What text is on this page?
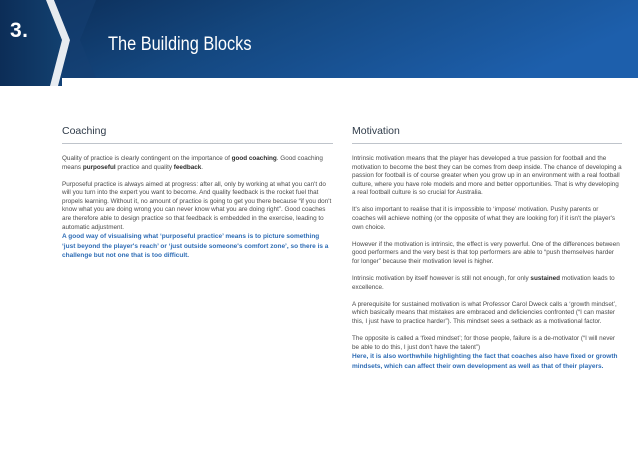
3.
The Building Blocks
Coaching

Quality of practice is clearly contingent on the importance of good coaching. Good coaching means purposeful practice and quality feedback.

Purposeful practice is always aimed at progress: after all, only by working at what you can't do will you turn into the expert you want to become. And quality feedback is the rocket fuel that propels learning. Without it, no amount of practice is going to get you there because “if you don't know what you are doing wrong you can never know what you are doing right”. Good coaches are therefore able to design practice so that feedback is embedded in the exercise, leading to automatic adjustment.

A good way of visualising what ‘purposeful practice’ means is to picture something ‘just beyond the player's reach’ or ‘just outside someone's comfort zone’, so there is a challenge but not one that is too difficult.

Motivation

Intrinsic motivation means that the player has developed a true passion for football and the motivation to become the best they can be comes from deep inside. The chance of developing a passion for football is of course greater when you grow up in an environment with a real football culture, where you have role models and more and better opportunities. That is why developing a real football culture is so crucial for Australia.

It's also important to realise that it is impossible to ‘impose’ motivation. Pushy parents or coaches will achieve nothing (or the opposite of what they are looking for) if it isn't the player's own choice.

However if the motivation is intrinsic, the effect is very powerful. One of the differences between good performers and the very best is that top performers are able to “push themselves harder for longer” because their motivation level is higher.

Intrinsic motivation by itself however is still not enough, for only sustained motivation leads to excellence.

A prerequisite for sustained motivation is what Professor Carol Dweck calls a ‘growth mindset’, which basically means that mistakes are embraced and deficiencies confronted (“I can master this, I just have to practice harder”). This mindset sees a setback as a motivational factor.

The opposite is called a ‘fixed mindset’; for those people, failure is a de-motivator (“I will never be able to do this, I just don't have the talent”)

Here, it is also worthwhile highlighting the fact that coaches also have fixed or growth mindsets, which can affect their own development as well as that of their players.
